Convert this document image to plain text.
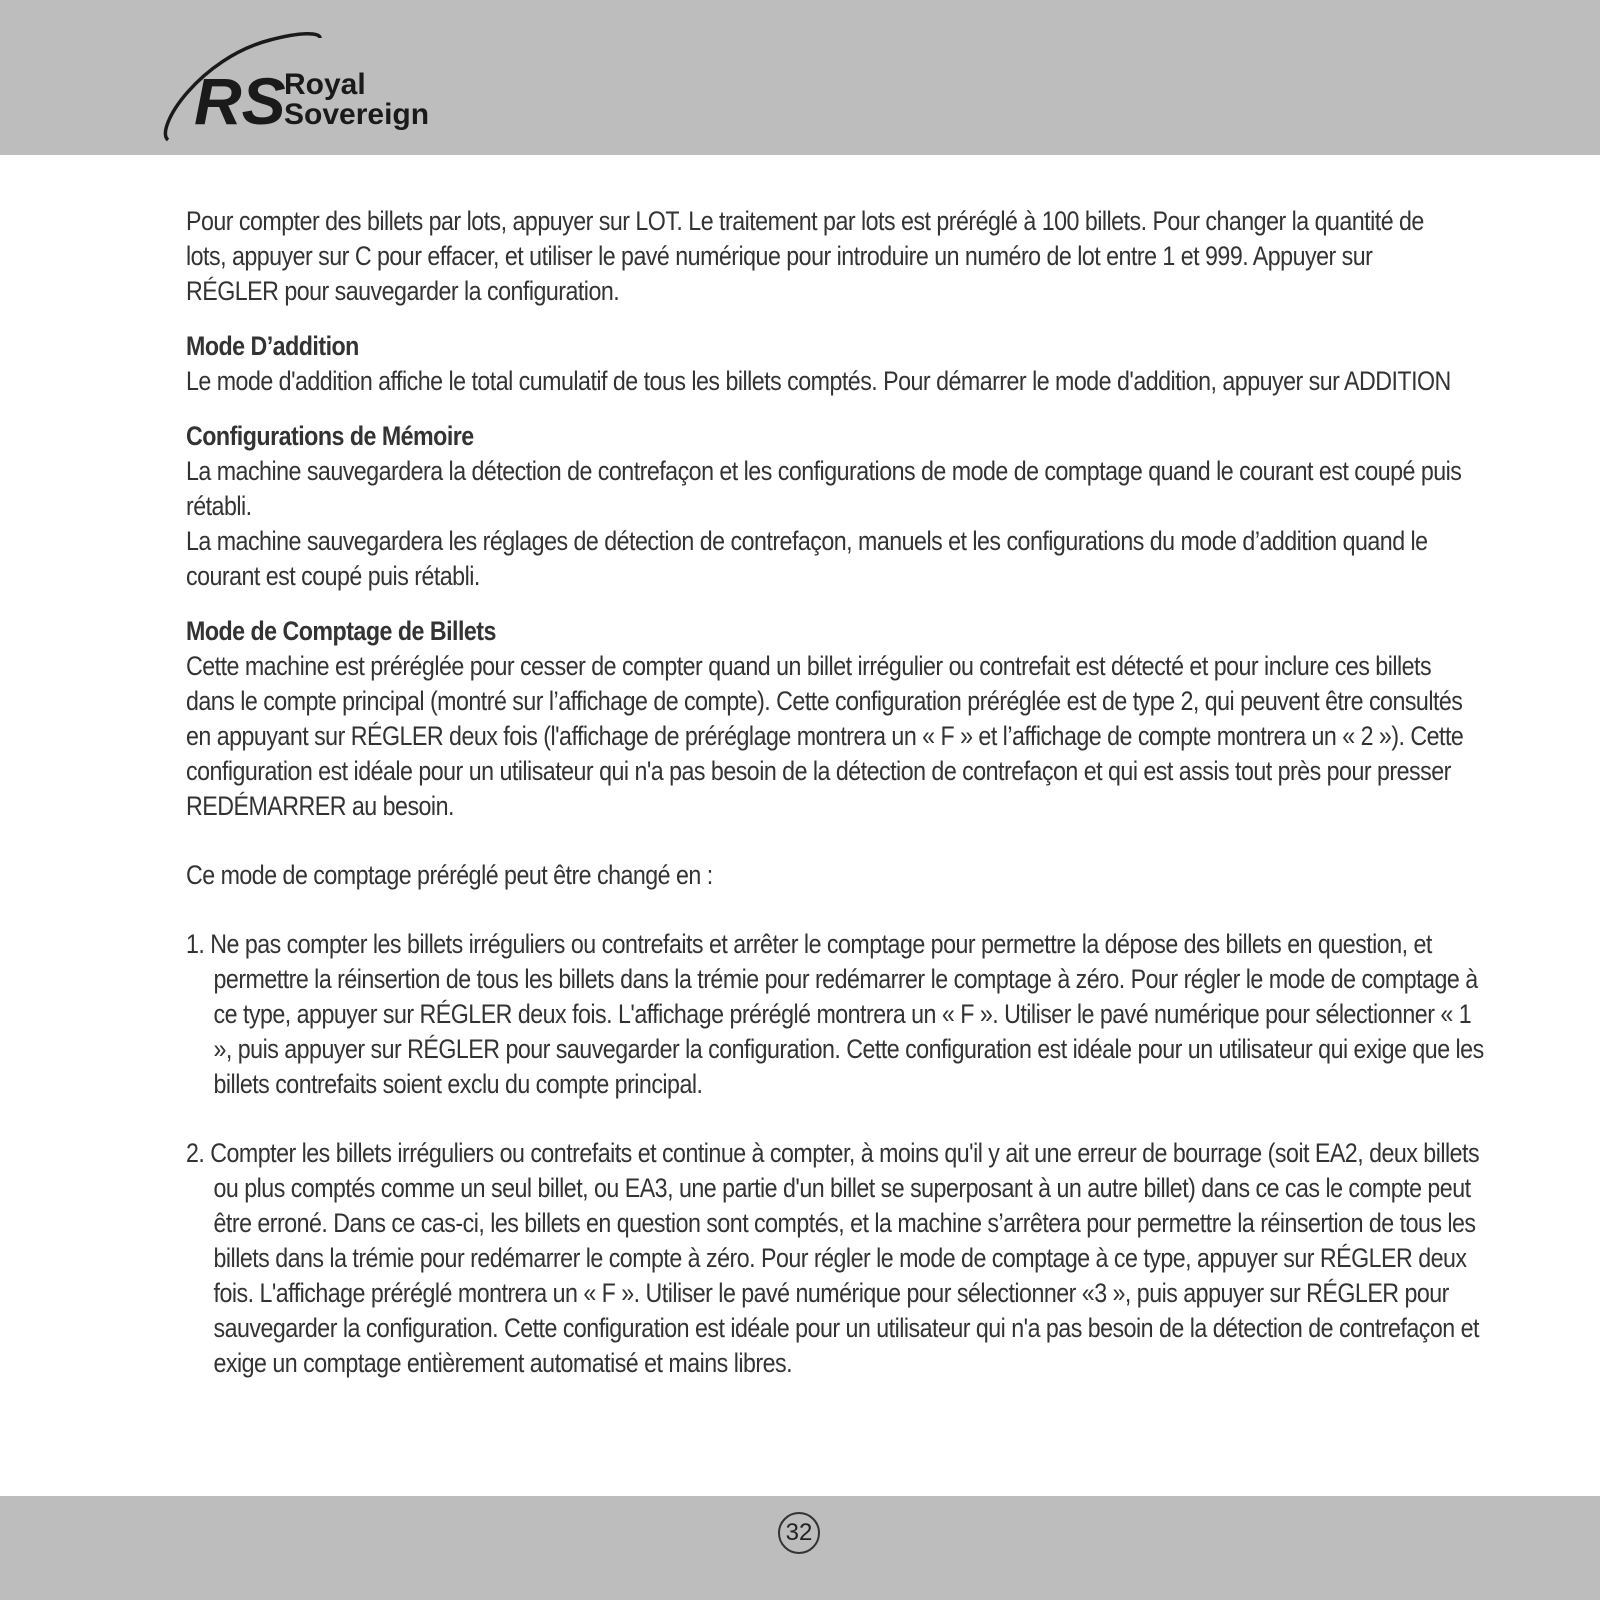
RS
Royal
Sovereign

Pour compter des billets par lots, appuyer sur LOT. Le traitement par lots est préréglé à 100 billets. Pour changer la quantité de lots, appuyer sur C pour effacer, et utiliser le pavé numérique pour introduire un numéro de lot entre 1 et 999. Appuyer sur RÉGLER pour sauvegarder la configuration.

Mode D’addition

Le mode d'addition affiche le total cumulatif de tous les billets comptés. Pour démarrer le mode d'addition, appuyer sur ADDITION

Configurations de Mémoire

La machine sauvegardera la détection de contrefaçon et les configurations de mode de comptage quand le courant est coupé puis rétabli.

La machine sauvegardera les réglages de détection de contrefaçon, manuels et les configurations du mode d’addition quand le courant est coupé puis rétabli.

Mode de Comptage de Billets

Cette machine est préréglée pour cesser de compter quand un billet irrégulier ou contrefait est détecté et pour inclure ces billets dans le compte principal (montré sur l’affichage de compte). Cette configuration préréglée est de type 2, qui peuvent être consultés en appuyant sur RÉGLER deux fois (l'affichage de préréglage montrera un « F » et l’affichage de compte montrera un « 2 »). Cette configuration est idéale pour un utilisateur qui n'a pas besoin de la détection de contrefaçon et qui est assis tout près pour presser REDÉMARRER au besoin.

Ce mode de comptage préréglé peut être changé en :

1. Ne pas compter les billets irréguliers ou contrefaits et arrêter le comptage pour permettre la dépose des billets en question, et permettre la réinsertion de tous les billets dans la trémie pour redémarrer le comptage à zéro. Pour régler le mode de comptage à ce type, appuyer sur RÉGLER deux fois. L'affichage préréglé montrera un « F ». Utiliser le pavé numérique pour sélectionner « 1 », puis appuyer sur RÉGLER pour sauvegarder la configuration. Cette configuration est idéale pour un utilisateur qui exige que les billets contrefaits soient exclu du compte principal.

2. Compter les billets irréguliers ou contrefaits et continue à compter, à moins qu'il y ait une erreur de bourrage (soit EA2, deux billets ou plus comptés comme un seul billet, ou EA3, une partie d'un billet se superposant à un autre billet) dans ce cas le compte peut être erroné. Dans ce cas-ci, les billets en question sont comptés, et la machine s’arrêtera pour permettre la réinsertion de tous les billets dans la trémie pour redémarrer le compte à zéro. Pour régler le mode de comptage à ce type, appuyer sur RÉGLER deux fois. L'affichage préréglé montrera un « F ». Utiliser le pavé numérique pour sélectionner «3 », puis appuyer sur RÉGLER pour sauvegarder la configuration. Cette configuration est idéale pour un utilisateur qui n'a pas besoin de la détection de contrefaçon et exige un comptage entièrement automatisé et mains libres.

32
